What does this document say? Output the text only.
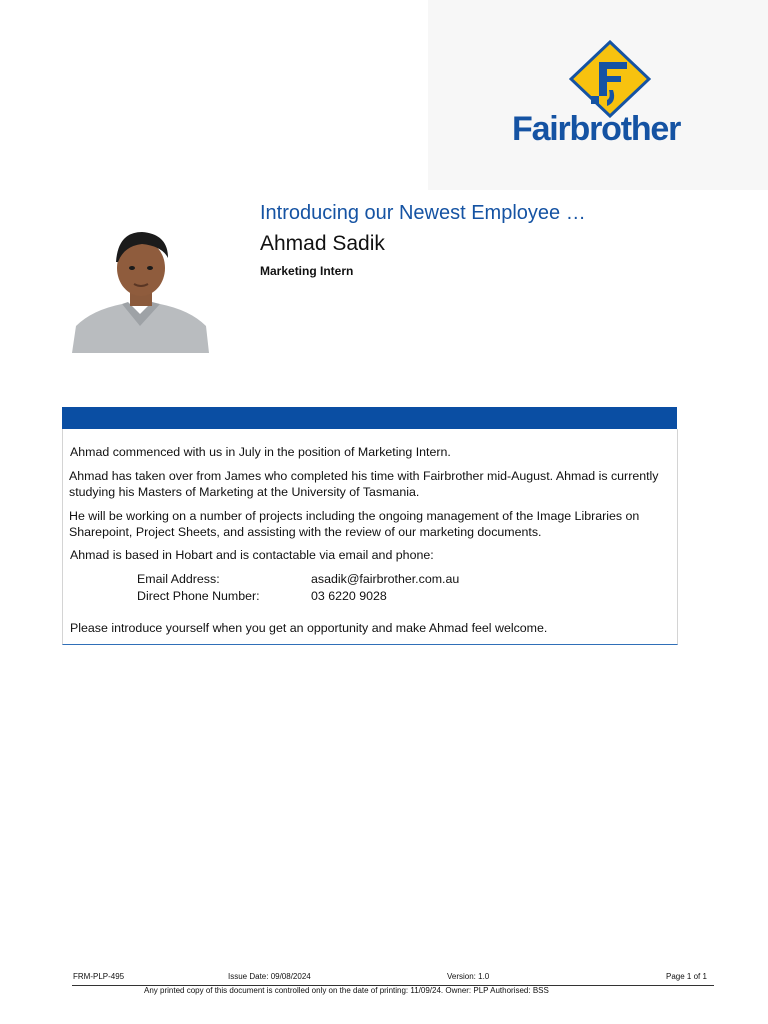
Fairbrother
Introducing our Newest Employee …
Ahmad Sadik
Marketing Intern
Ahmad commenced with us in July in the position of Marketing Intern.
Ahmad has taken over from James who completed his time with Fairbrother mid-August. Ahmad is currently studying his Masters of Marketing at the University of Tasmania.
He will be working on a number of projects including the ongoing management of the Image Libraries on Sharepoint, Project Sheets, and assisting with the review of our marketing documents.
Ahmad is based in Hobart and is contactable via email and phone:
Email Address:	asadik@fairbrother.com.au
Direct Phone Number:	03 6220 9028
Please introduce yourself when you get an opportunity and make Ahmad feel welcome.
FRM-PLP-495	Issue Date: 09/08/2024	Version: 1.0	Page 1 of 1
Any printed copy of this document is controlled only on the date of printing: 11/09/24. Owner: PLP Authorised: BSS
